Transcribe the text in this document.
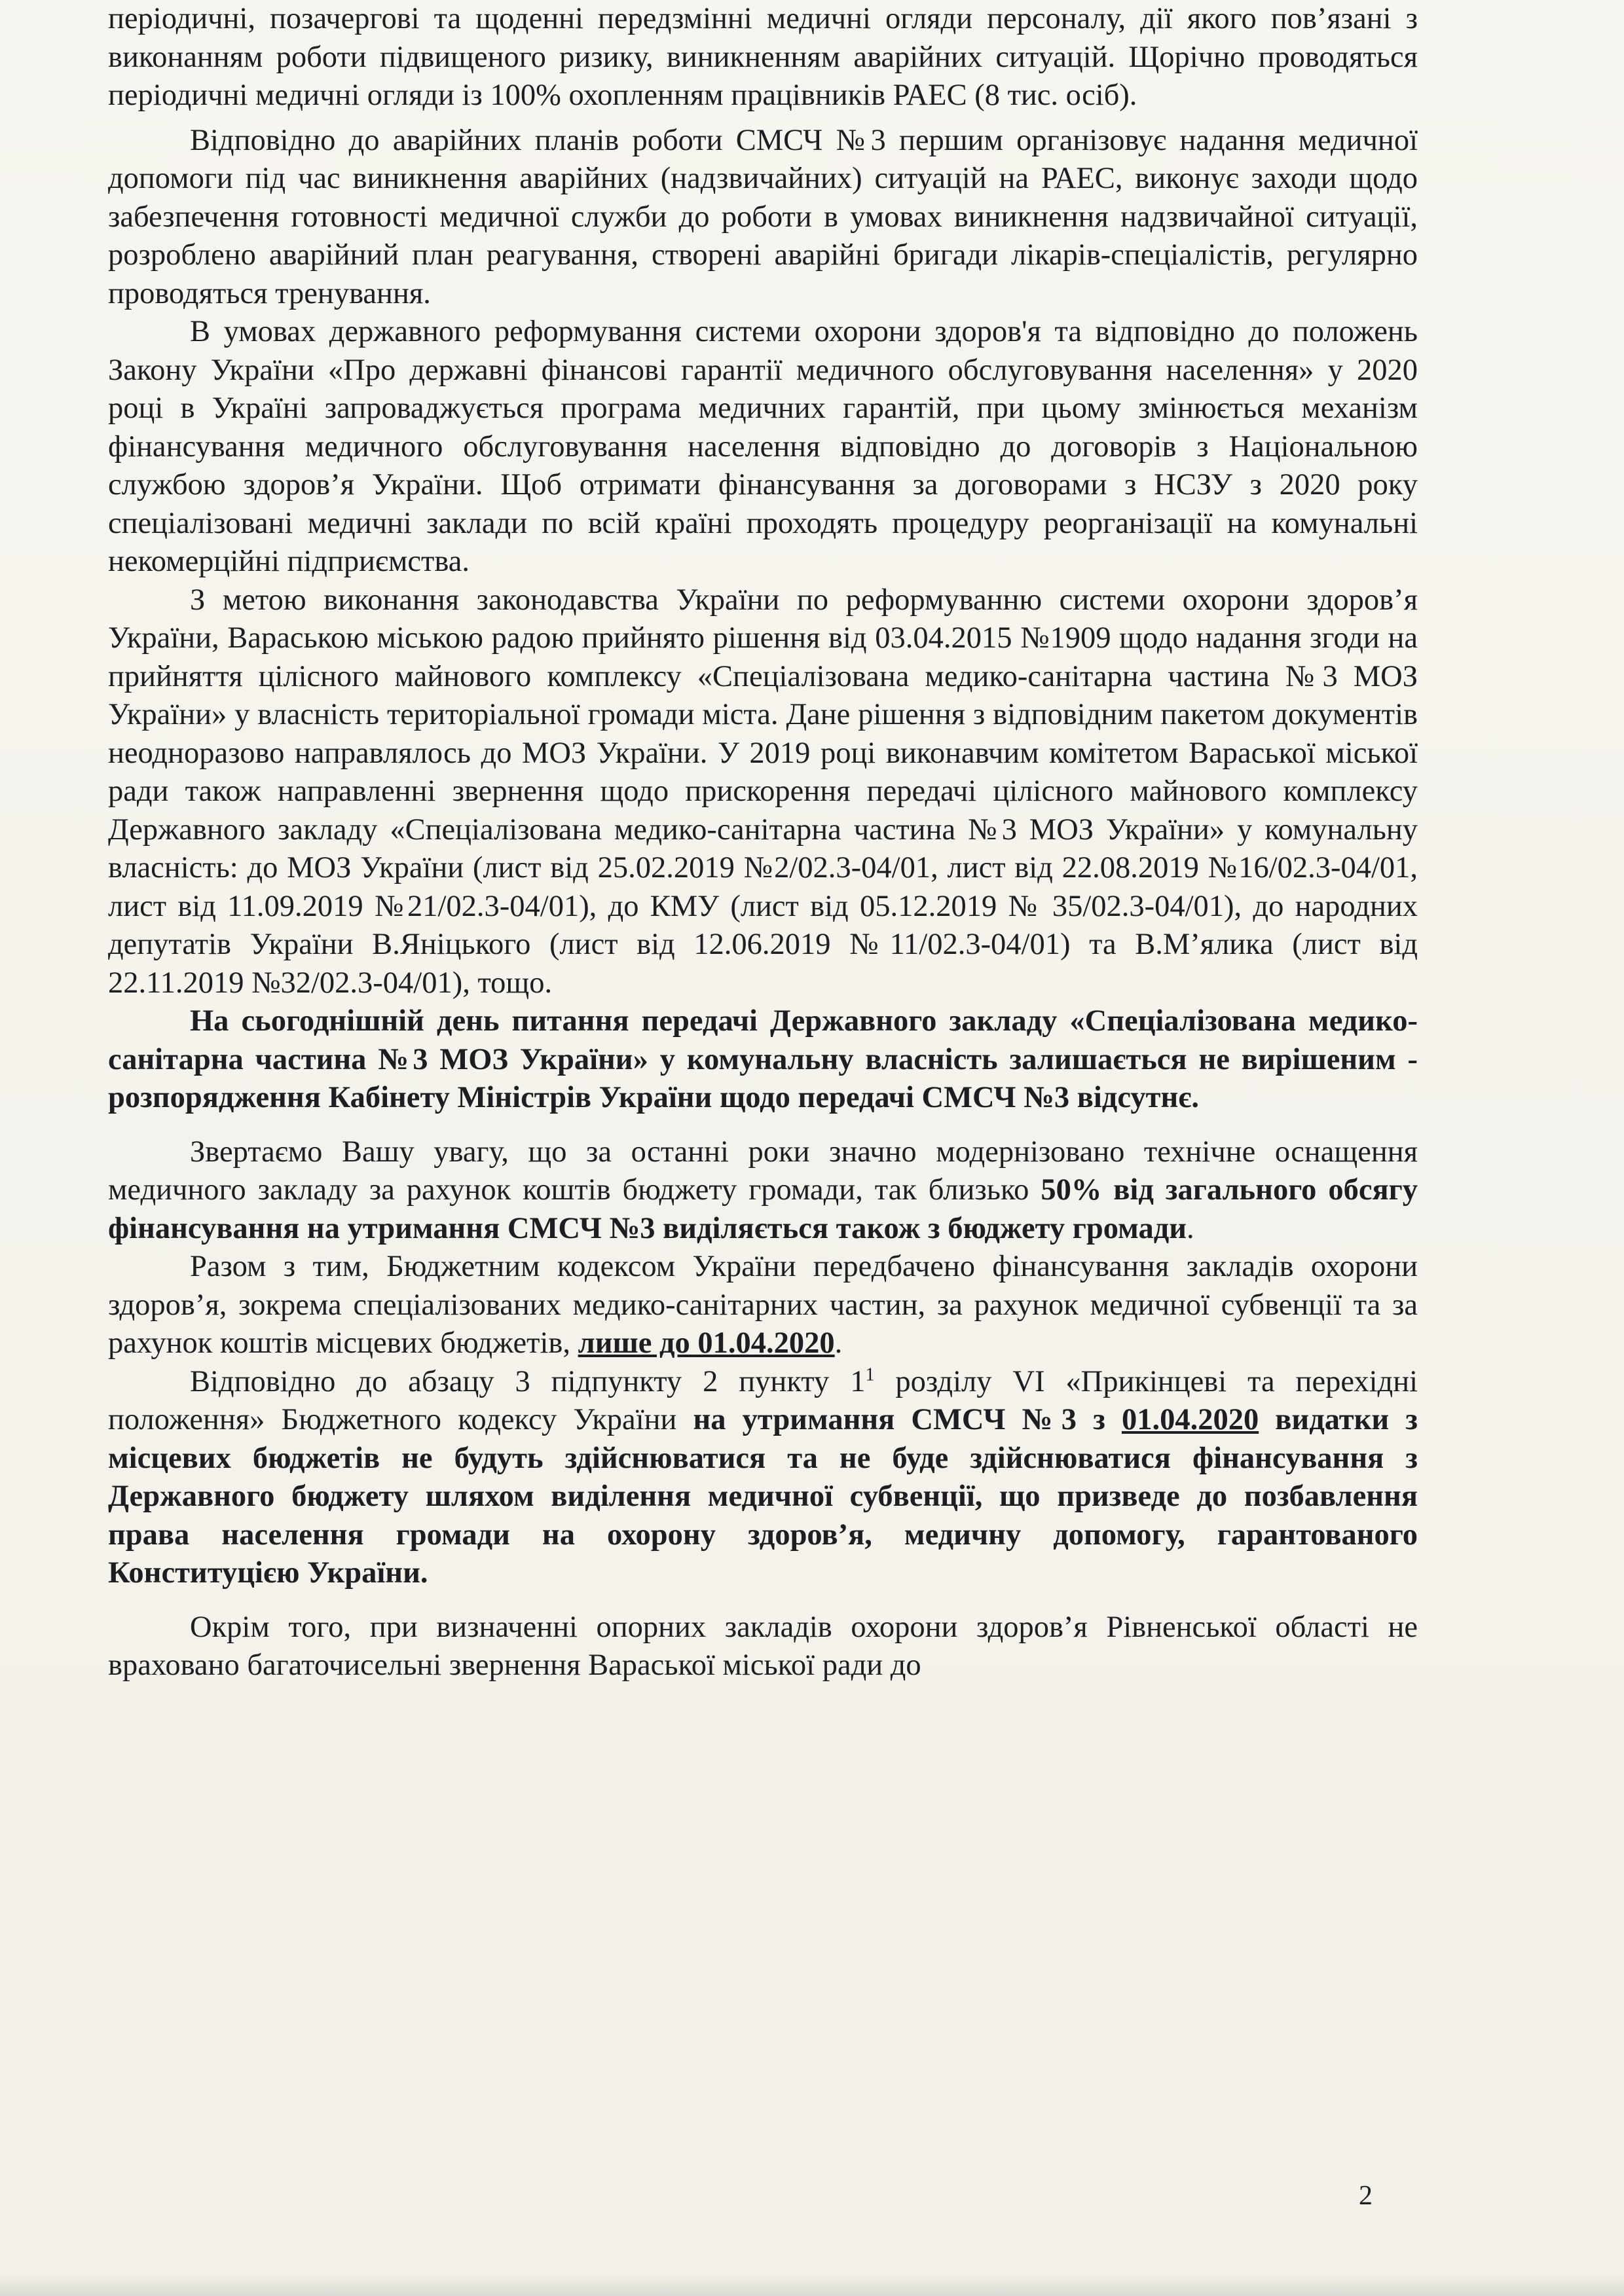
періодичні, позачергові та щоденні передзмінні медичні огляди персоналу, дії якого пов’язані з виконанням роботи підвищеного ризику, виникненням аварійних ситуацій. Щорічно проводяться періодичні медичні огляди із 100% охопленням працівників РАЕС (8 тис. осіб).

Відповідно до аварійних планів роботи СМСЧ №3 першим організовує надання медичної допомоги під час виникнення аварійних (надзвичайних) ситуацій на РАЕС, виконує заходи щодо забезпечення готовності медичної служби до роботи в умовах виникнення надзвичайної ситуації, розроблено аварійний план реагування, створені аварійні бригади лікарів-спеціалістів, регулярно проводяться тренування.

В умовах державного реформування системи охорони здоров'я та відповідно до положень Закону України «Про державні фінансові гарантії медичного обслуговування населення» у 2020 році в Україні запроваджується програма медичних гарантій, при цьому змінюється механізм фінансування медичного обслуговування населення відповідно до договорів з Національною службою здоров’я України. Щоб отримати фінансування за договорами з НСЗУ з 2020 року спеціалізовані медичні заклади по всій країні проходять процедуру реорганізації на комунальні некомерційні підприємства.

З метою виконання законодавства України по реформуванню системи охорони здоров’я України, Вараською міською радою прийнято рішення від 03.04.2015 №1909 щодо надання згоди на прийняття цілісного майнового комплексу «Спеціалізована медико-санітарна частина №3 МОЗ України» у власність територіальної громади міста. Дане рішення з відповідним пакетом документів неодноразово направлялось до МОЗ України. У 2019 році виконавчим комітетом Вараської міської ради також направленні звернення щодо прискорення передачі цілісного майнового комплексу Державного закладу «Спеціалізована медико-санітарна частина №3 МОЗ України» у комунальну власність: до МОЗ України (лист від 25.02.2019 №2/02.3-04/01, лист від 22.08.2019 №16/02.3-04/01, лист від 11.09.2019 №21/02.3-04/01), до КМУ (лист від 05.12.2019 № 35/02.3-04/01), до народних депутатів України В.Яніцького (лист від 12.06.2019 №11/02.3-04/01) та В.М’ялика (лист від 22.11.2019 №32/02.3-04/01), тощо.

На сьогоднішній день питання передачі Державного закладу «Спеціалізована медико-санітарна частина №3 МОЗ України» у комунальну власність залишається не вирішеним - розпорядження Кабінету Міністрів України щодо передачі СМСЧ №3 відсутнє.

Звертаємо Вашу увагу, що за останні роки значно модернізовано технічне оснащення медичного закладу за рахунок коштів бюджету громади, так близько 50% від загального обсягу фінансування на утримання СМСЧ №3 виділяється також з бюджету громади.

Разом з тим, Бюджетним кодексом України передбачено фінансування закладів охорони здоров’я, зокрема спеціалізованих медико-санітарних частин, за рахунок медичної субвенції та за рахунок коштів місцевих бюджетів, лише до 01.04.2020.

Відповідно до абзацу 3 підпункту 2 пункту $1^1$ розділу VI «Прикінцеві та перехідні положення» Бюджетного кодексу України на утримання СМСЧ №3 з 01.04.2020 видатки з місцевих бюджетів не будуть здійснюватися та не буде здійснюватися фінансування з Державного бюджету шляхом виділення медичної субвенції, що призведе до позбавлення права населення громади на охорону здоров’я, медичну допомогу, гарантованого Конституцією України.

Окрім того, при визначенні опорних закладів охорони здоров’я Рівненської області не враховано багаточисельні звернення Вараської міської ради до

2
